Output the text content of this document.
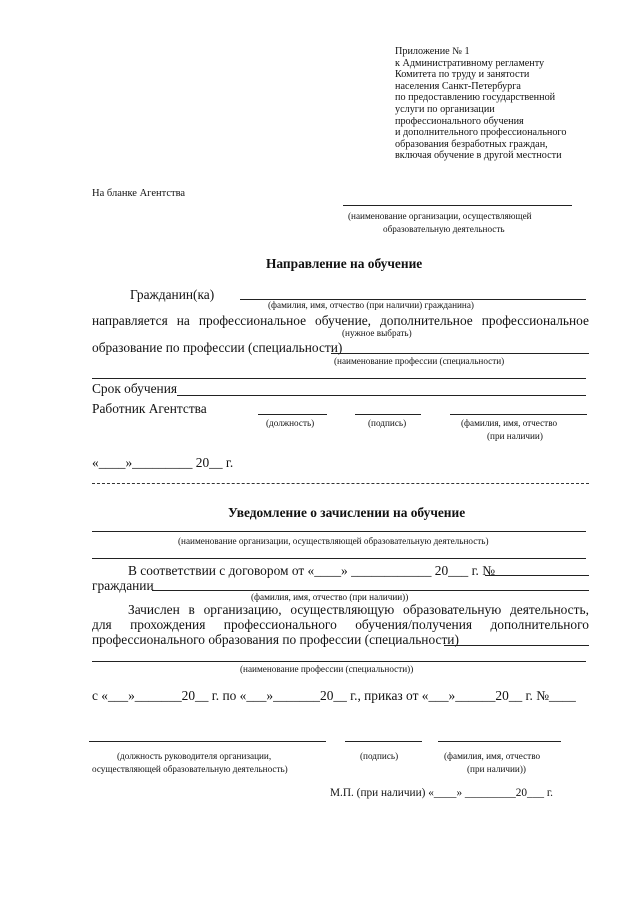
Приложение № 1
к Административному регламенту
Комитета по труду и занятости
населения Санкт-Петербурга
по предоставлению государственной
услуги по организации
профессионального обучения
и дополнительного профессионального
образования безработных граждан,
включая обучение в другой местности
На бланке Агентства
(наименование организации, осуществляющей
образовательную деятельность
Направление на обучение
Гражданин(ка)
(фамилия, имя, отчество (при наличии) гражданина)
направляется на профессиональное обучение, дополнительное профессиональное
(нужное выбрать)
образование по профессии (специальности)
(наименование профессии (специальности)
Срок обучения
Работник Агентства
(должность)	(подпись)	(фамилия, имя, отчество
(при наличии)
«____»_________ 20__ г.
Уведомление о зачислении на обучение
(наименование организации, осуществляющей образовательную деятельность)
В соответствии с договором от «____» ____________ 20___ г. №
граждании
(фамилия, имя, отчество (при наличии))
Зачислен в организацию, осуществляющую образовательную деятельность,
для прохождения профессионального обучения/получения дополнительного
профессионального образования по профессии (специальности)
(наименование профессии (специальности))
с «___»_______20__ г. по «___»_______20__ г., приказ от «___»______20__ г. №____
(должность руководителя организации,
осуществляющей образовательную деятельность)
(подпись)	(фамилия, имя, отчество
(при наличии))
М.П. (при наличии) «____» _________20___ г.
